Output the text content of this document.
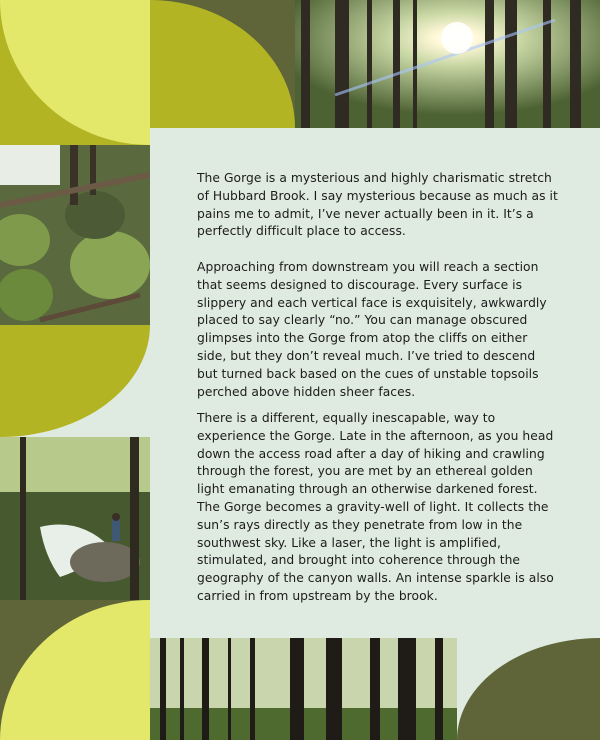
The Gorge is a mysterious and highly charismatic stretch of Hubbard Brook. I say mysterious because as much as it pains me to admit, I’ve never actually been in it. It’s a perfectly difficult place to access.

Approaching from downstream you will reach a section that seems designed to discourage. Every surface is slippery and each vertical face is exquisitely, awkwardly placed to say clearly “no.” You can manage obscured glimpses into the Gorge from atop the cliffs on either side, but they don’t reveal much. I’ve tried to descend but turned back based on the cues of unstable topsoils perched above hidden sheer faces.

There is a different, equally inescapable, way to experience the Gorge. Late in the afternoon, as you head down the access road after a day of hiking and crawling through the forest, you are met by an ethereal golden light emanating through an otherwise darkened forest. The Gorge becomes a gravity-well of light. It collects the sun’s rays directly as they penetrate from low in the southwest sky. Like a laser, the light is amplified, stimulated, and brought into coherence through the geography of the canyon walls. An intense sparkle is also carried in from upstream by the brook.
